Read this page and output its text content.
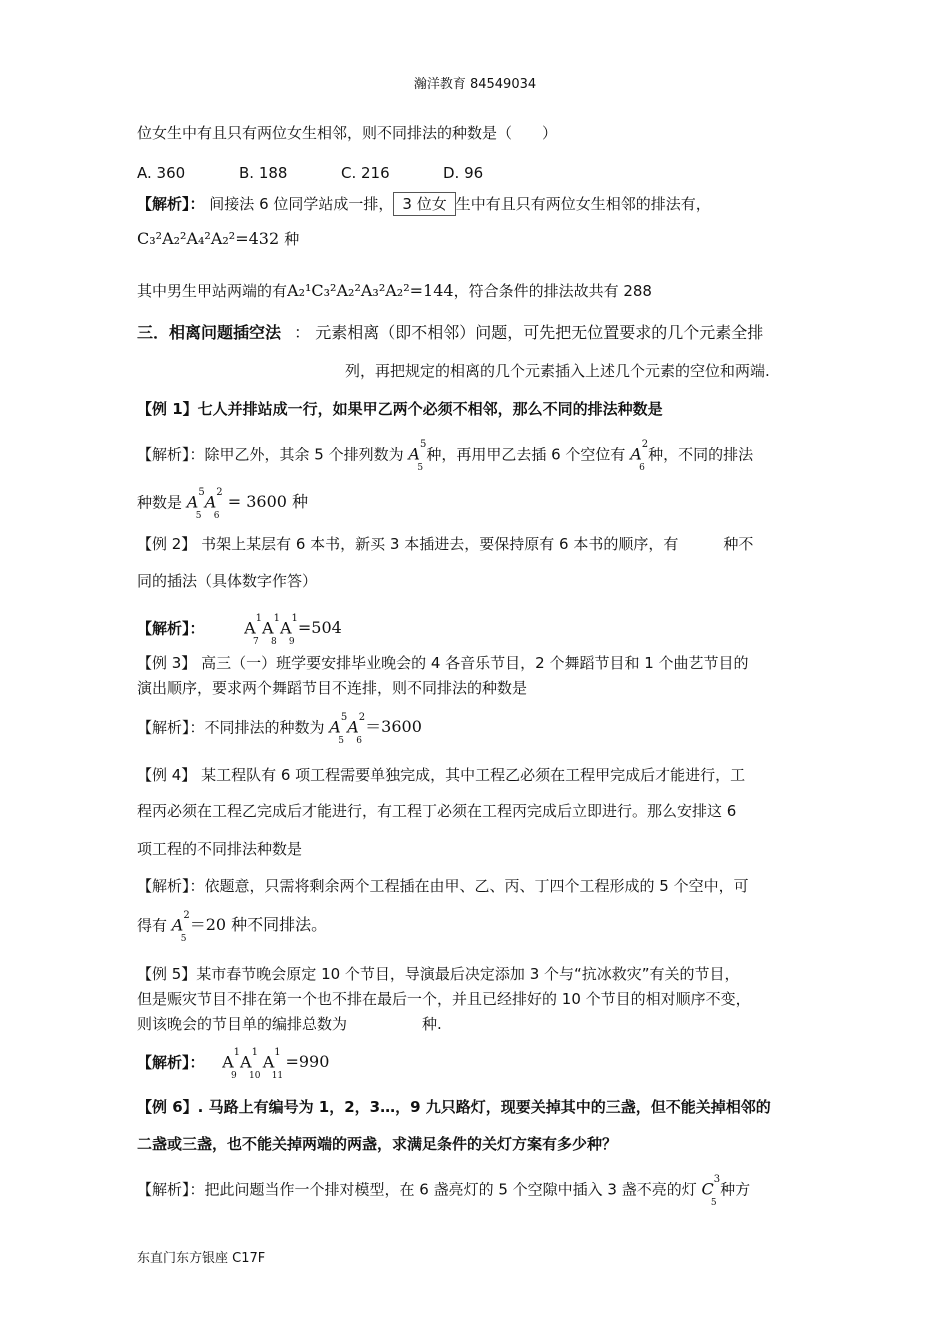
瀚洋教育 84549034
位女生中有且只有两位女生相邻，则不同排法的种数是（　　）
A. 360	B. 188	C. 216	D. 96
【解析】： 间接法 6 位同学站成一排， 3 位女 生中有且只有两位女生相邻的排法有，
C₃²A₂²A₄²A₂²=432 种
其中男生甲站两端的有A₂¹C₃²A₂²A₃²A₂²=144，符合条件的排法故共有 288
三．相离问题插空法 ： 元素相离（即不相邻）问题，可先把无位置要求的几个元素全排
列，再把规定的相离的几个元素插入上述几个元素的空位和两端.
【例 1】七人并排站成一行，如果甲乙两个必须不相邻，那么不同的排法种数是
【解析】：除甲乙外，其余 5 个排列数为 $A^5$
5
种，再用甲乙去插 6 个空位有 $A^2$
6
种，不同的排法
种数是 $A^5$
5
$A^2$
6
= 3600 种
【例 2】 书架上某层有 6 本书，新买 3 本插进去，要保持原有 6 本书的顺序，有　　　种不
同的插法（具体数字作答）
【解析】： $A^1$
7
$A^1$
8
$A^1$
9
=504
【例 3】 高三（一）班学要安排毕业晚会的 4 各音乐节目，2 个舞蹈节目和 1 个曲艺节目的
演出顺序，要求两个舞蹈节目不连排，则不同排法的种数是
【解析】：不同排法的种数为 $A^5$
5
$A^2$
6
＝3600
【例 4】 某工程队有 6 项工程需要单独完成，其中工程乙必须在工程甲完成后才能进行，工
程丙必须在工程乙完成后才能进行，有工程丁必须在工程丙完成后立即进行。那么安排这 6
项工程的不同排法种数是
【解析】：依题意，只需将剩余两个工程插在由甲、乙、丙、丁四个工程形成的 5 个空中，可
得有 $A^2$
5
＝20 种不同排法。
【例 5】某市春节晚会原定 10 个节目，导演最后决定添加 3 个与“抗冰救灾”有关的节目，
但是赈灾节目不排在第一个也不排在最后一个，并且已经排好的 10 个节目的相对顺序不变，
则该晚会的节目单的编排总数为　　　　　种.
【解析】： $A^1$
9
$A^1$
10
$A^1$
11
=990
【例 6】. 马路上有编号为 1，2，3…，9 九只路灯，现要关掉其中的三盏，但不能关掉相邻的
二盏或三盏，也不能关掉两端的两盏，求满足条件的关灯方案有多少种？
【解析】：把此问题当作一个排对模型，在 6 盏亮灯的 5 个空隙中插入 3 盏不亮的灯 $C^3$
5
种方
东直门东方银座 C17F
